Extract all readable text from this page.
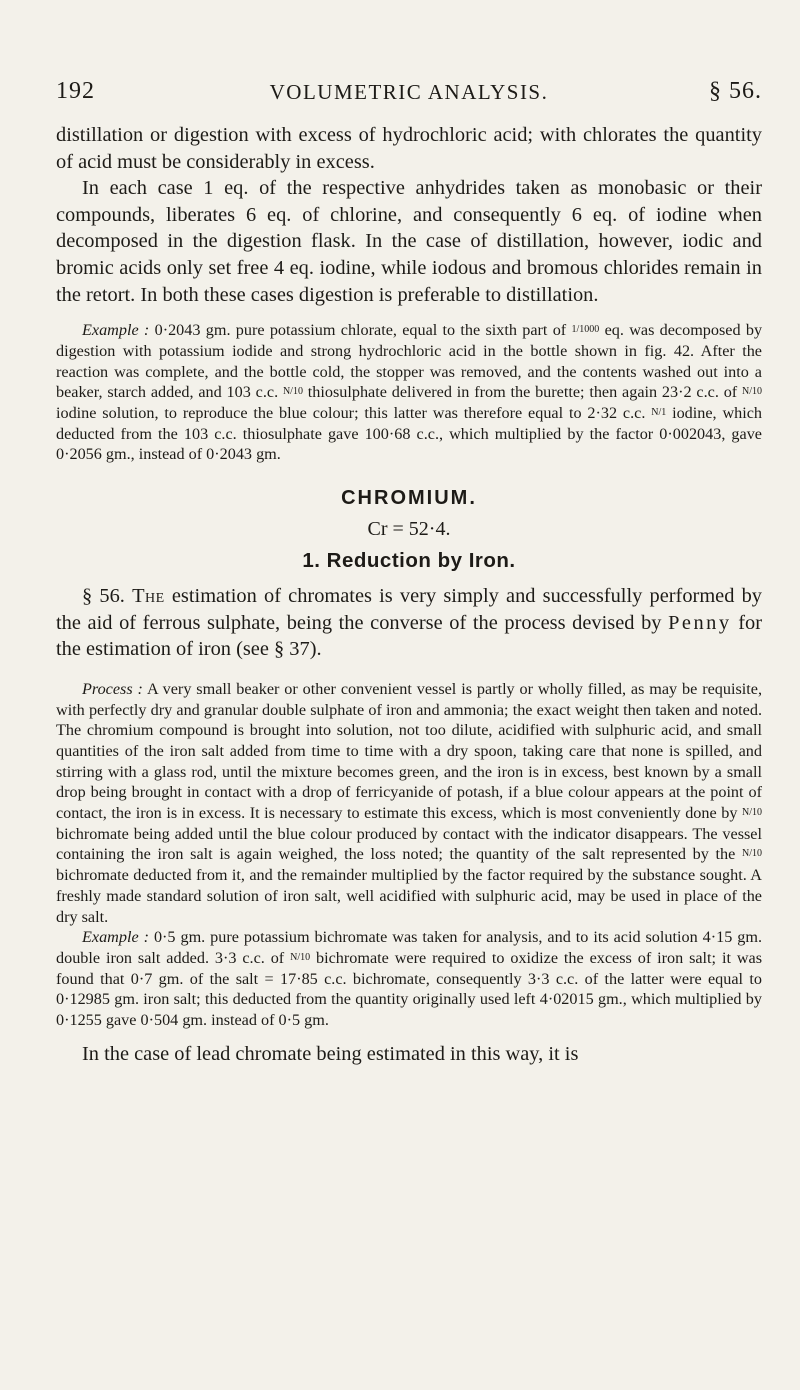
192	VOLUMETRIC ANALYSIS.	§ 56.

distillation or digestion with excess of hydrochloric acid; with chlorates the quantity of acid must be considerably in excess.

In each case 1 eq. of the respective anhydrides taken as monobasic or their compounds, liberates 6 eq. of chlorine, and consequently 6 eq. of iodine when decomposed in the digestion flask. In the case of distillation, however, iodic and bromic acids only set free 4 eq. iodine, while iodous and bromous chlorides remain in the retort. In both these cases digestion is preferable to distillation.

Example : 0·2043 gm. pure potassium chlorate, equal to the sixth part of 1/1000 eq. was decomposed by digestion with potassium iodide and strong hydrochloric acid in the bottle shown in fig. 42. After the reaction was complete, and the bottle cold, the stopper was removed, and the contents washed out into a beaker, starch added, and 103 c.c. N/10 thiosulphate delivered in from the burette; then again 23·2 c.c. of N/10 iodine solution, to reproduce the blue colour; this latter was therefore equal to 2·32 c.c. N/1 iodine, which deducted from the 103 c.c. thiosulphate gave 100·68 c.c., which multiplied by the factor 0·002043, gave 0·2056 gm., instead of 0·2043 gm.

CHROMIUM.
Cr = 52·4.
1. Reduction by Iron.

§ 56. The estimation of chromates is very simply and successfully performed by the aid of ferrous sulphate, being the converse of the process devised by Penny for the estimation of iron (see § 37).

Process : A very small beaker or other convenient vessel is partly or wholly filled, as may be requisite, with perfectly dry and granular double sulphate of iron and ammonia; the exact weight then taken and noted. The chromium compound is brought into solution, not too dilute, acidified with sulphuric acid, and small quantities of the iron salt added from time to time with a dry spoon, taking care that none is spilled, and stirring with a glass rod, until the mixture becomes green, and the iron is in excess, best known by a small drop being brought in contact with a drop of ferricyanide of potash, if a blue colour appears at the point of contact, the iron is in excess. It is necessary to estimate this excess, which is most conveniently done by N/10 bichromate being added until the blue colour produced by contact with the indicator disappears. The vessel containing the iron salt is again weighed, the loss noted; the quantity of the salt represented by the N/10 bichromate deducted from it, and the remainder multiplied by the factor required by the substance sought. A freshly made standard solution of iron salt, well acidified with sulphuric acid, may be used in place of the dry salt.

Example : 0·5 gm. pure potassium bichromate was taken for analysis, and to its acid solution 4·15 gm. double iron salt added. 3·3 c.c. of N/10 bichromate were required to oxidize the excess of iron salt; it was found that 0·7 gm. of the salt = 17·85 c.c. bichromate, consequently 3·3 c.c. of the latter were equal to 0·12985 gm. iron salt; this deducted from the quantity originally used left 4·02015 gm., which multiplied by 0·1255 gave 0·504 gm. instead of 0·5 gm.

In the case of lead chromate being estimated in this way, it is
